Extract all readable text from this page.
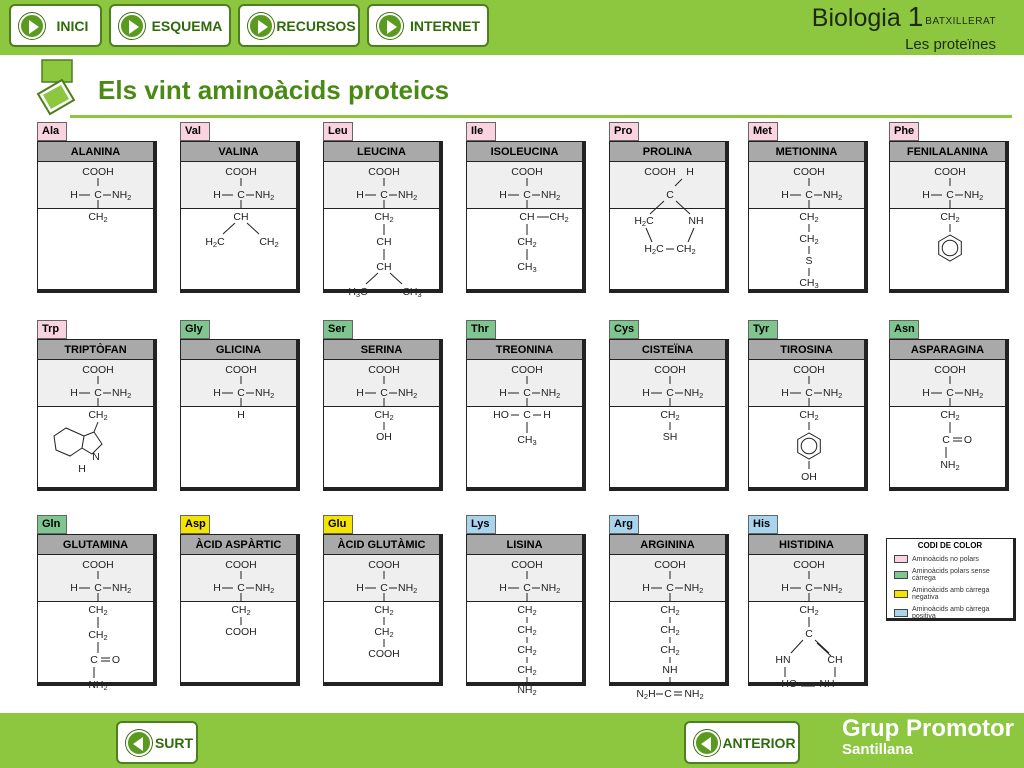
INICI	ESQUEMA	RECURSOS	INTERNET	Biologia 1 $^{BATXILLERAT}$
Les proteïnes
Els vint aminoàcids proteics
Ala
ALANINA
COOH
H C NH2
CH2
Val
VALINA
COOH
H C NH2
CH
H2C	CH2
Leu
LEUCINA
COOH
H C NH2
CH2
CH
CH
H3C	CH3
Ile
ISOLEUCINA
COOH
H C NH2
CH CH2
CH2
CH3
Pro
PROLINA
COOH H
C
H2C	NH
H2C CH2
Met
METIONINA
COOH
H C NH2
CH2
CH2
S
CH3
Phe
FENILALANINA
COOH
H C NH2
CH2
Trp
TRIPTÒFAN
COOH
H C NH2
CH2
N
H
Gly
GLICINA
COOH
H C NH2
H
Ser
SERINA
COOH
H C NH2
CH2
OH
Thr
TREONINA
COOH
H C NH2
HO C H
CH3
Cys
CISTEÏNA
COOH
H C NH2
CH2
SH
Tyr
TIROSINA
COOH
H C NH2
CH2
OH
Asn
ASPARAGINA
COOH
H C NH2
CH2
C O
NH2
Gln
GLUTAMINA
COOH
H C NH2
CH2
CH2
C O
NH2
Asp
ÀCID ASPÀRTIC
COOH
H C NH2
CH2
COOH
Glu
ÀCID GLUTÀMIC
COOH
H C NH2
CH2
CH2
COOH
Lys
LISINA
COOH
H C NH2
CH2
CH2
CH2
CH2
NH2
Arg
ARGININA
COOH
H C NH2
CH2
CH2
CH2
NH
N2H C NH2
His
HISTIDINA
COOH
H C NH2
CH2
C
HN	CH
HC NH
CODI DE COLOR
Aminoàcids no polars
Aminoàcids polars sense càrrega
Aminoàcids amb càrrega negativa
Aminoàcids amb càrrega positiva
SURT	ANTERIOR
Grup Promotor
Santillana
